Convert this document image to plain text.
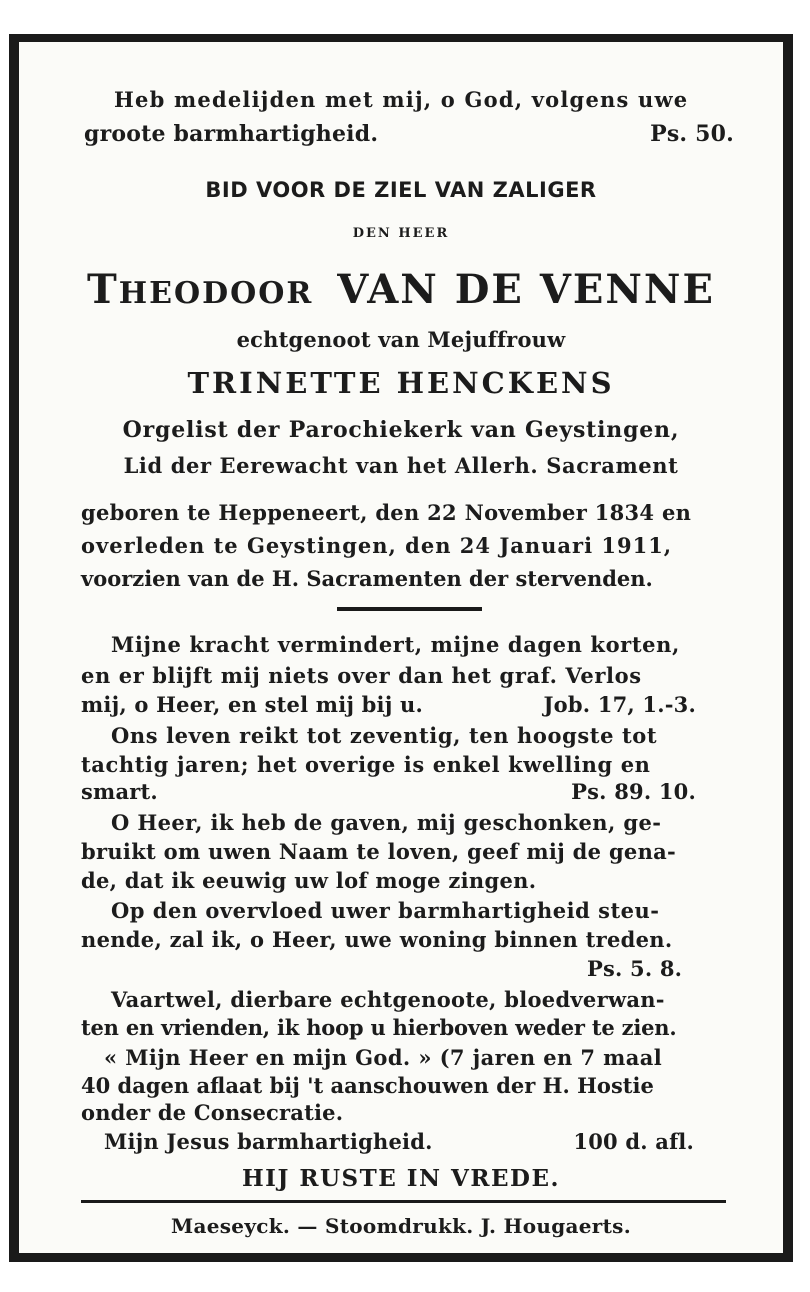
Heb medelijden met mij, o God, volgens uwe
groote barmhartigheid.	Ps. 50.
BID VOOR DE ZIEL VAN ZALIGER
DEN HEER
THEODOOR VAN DE VENNE
echtgenoot van Mejuffrouw
TRINETTE HENCKENS
Orgelist der Parochiekerk van Geystingen,
Lid der Eerewacht van het Allerh. Sacrament
geboren te Heppeneert, den 22 November 1834 en
overleden te Geystingen, den 24 Januari 1911,
voorzien van de H. Sacramenten der stervenden.
Mijne kracht vermindert, mijne dagen korten,
en er blijft mij niets over dan het graf. Verlos
mij, o Heer, en stel mij bij u.	Job. 17, 1.-3.
Ons leven reikt tot zeventig, ten hoogste tot
tachtig jaren; het overige is enkel kwelling en
smart.	Ps. 89. 10.
O Heer, ik heb de gaven, mij geschonken, ge-
bruikt om uwen Naam te loven, geef mij de gena-
de, dat ik eeuwig uw lof moge zingen.
Op den overvloed uwer barmhartigheid steu-
nende, zal ik, o Heer, uwe woning binnen treden.
Ps. 5. 8.
Vaartwel, dierbare echtgenoote, bloedverwan-
ten en vrienden, ik hoop u hierboven weder te zien.
« Mijn Heer en mijn God. » (7 jaren en 7 maal
40 dagen aflaat bij 't aanschouwen der H. Hostie
onder de Consecratie.
Mijn Jesus barmhartigheid.	100 d. afl.
HIJ RUSTE IN VREDE.
Maeseyck. — Stoomdrukk. J. Hougaerts.
